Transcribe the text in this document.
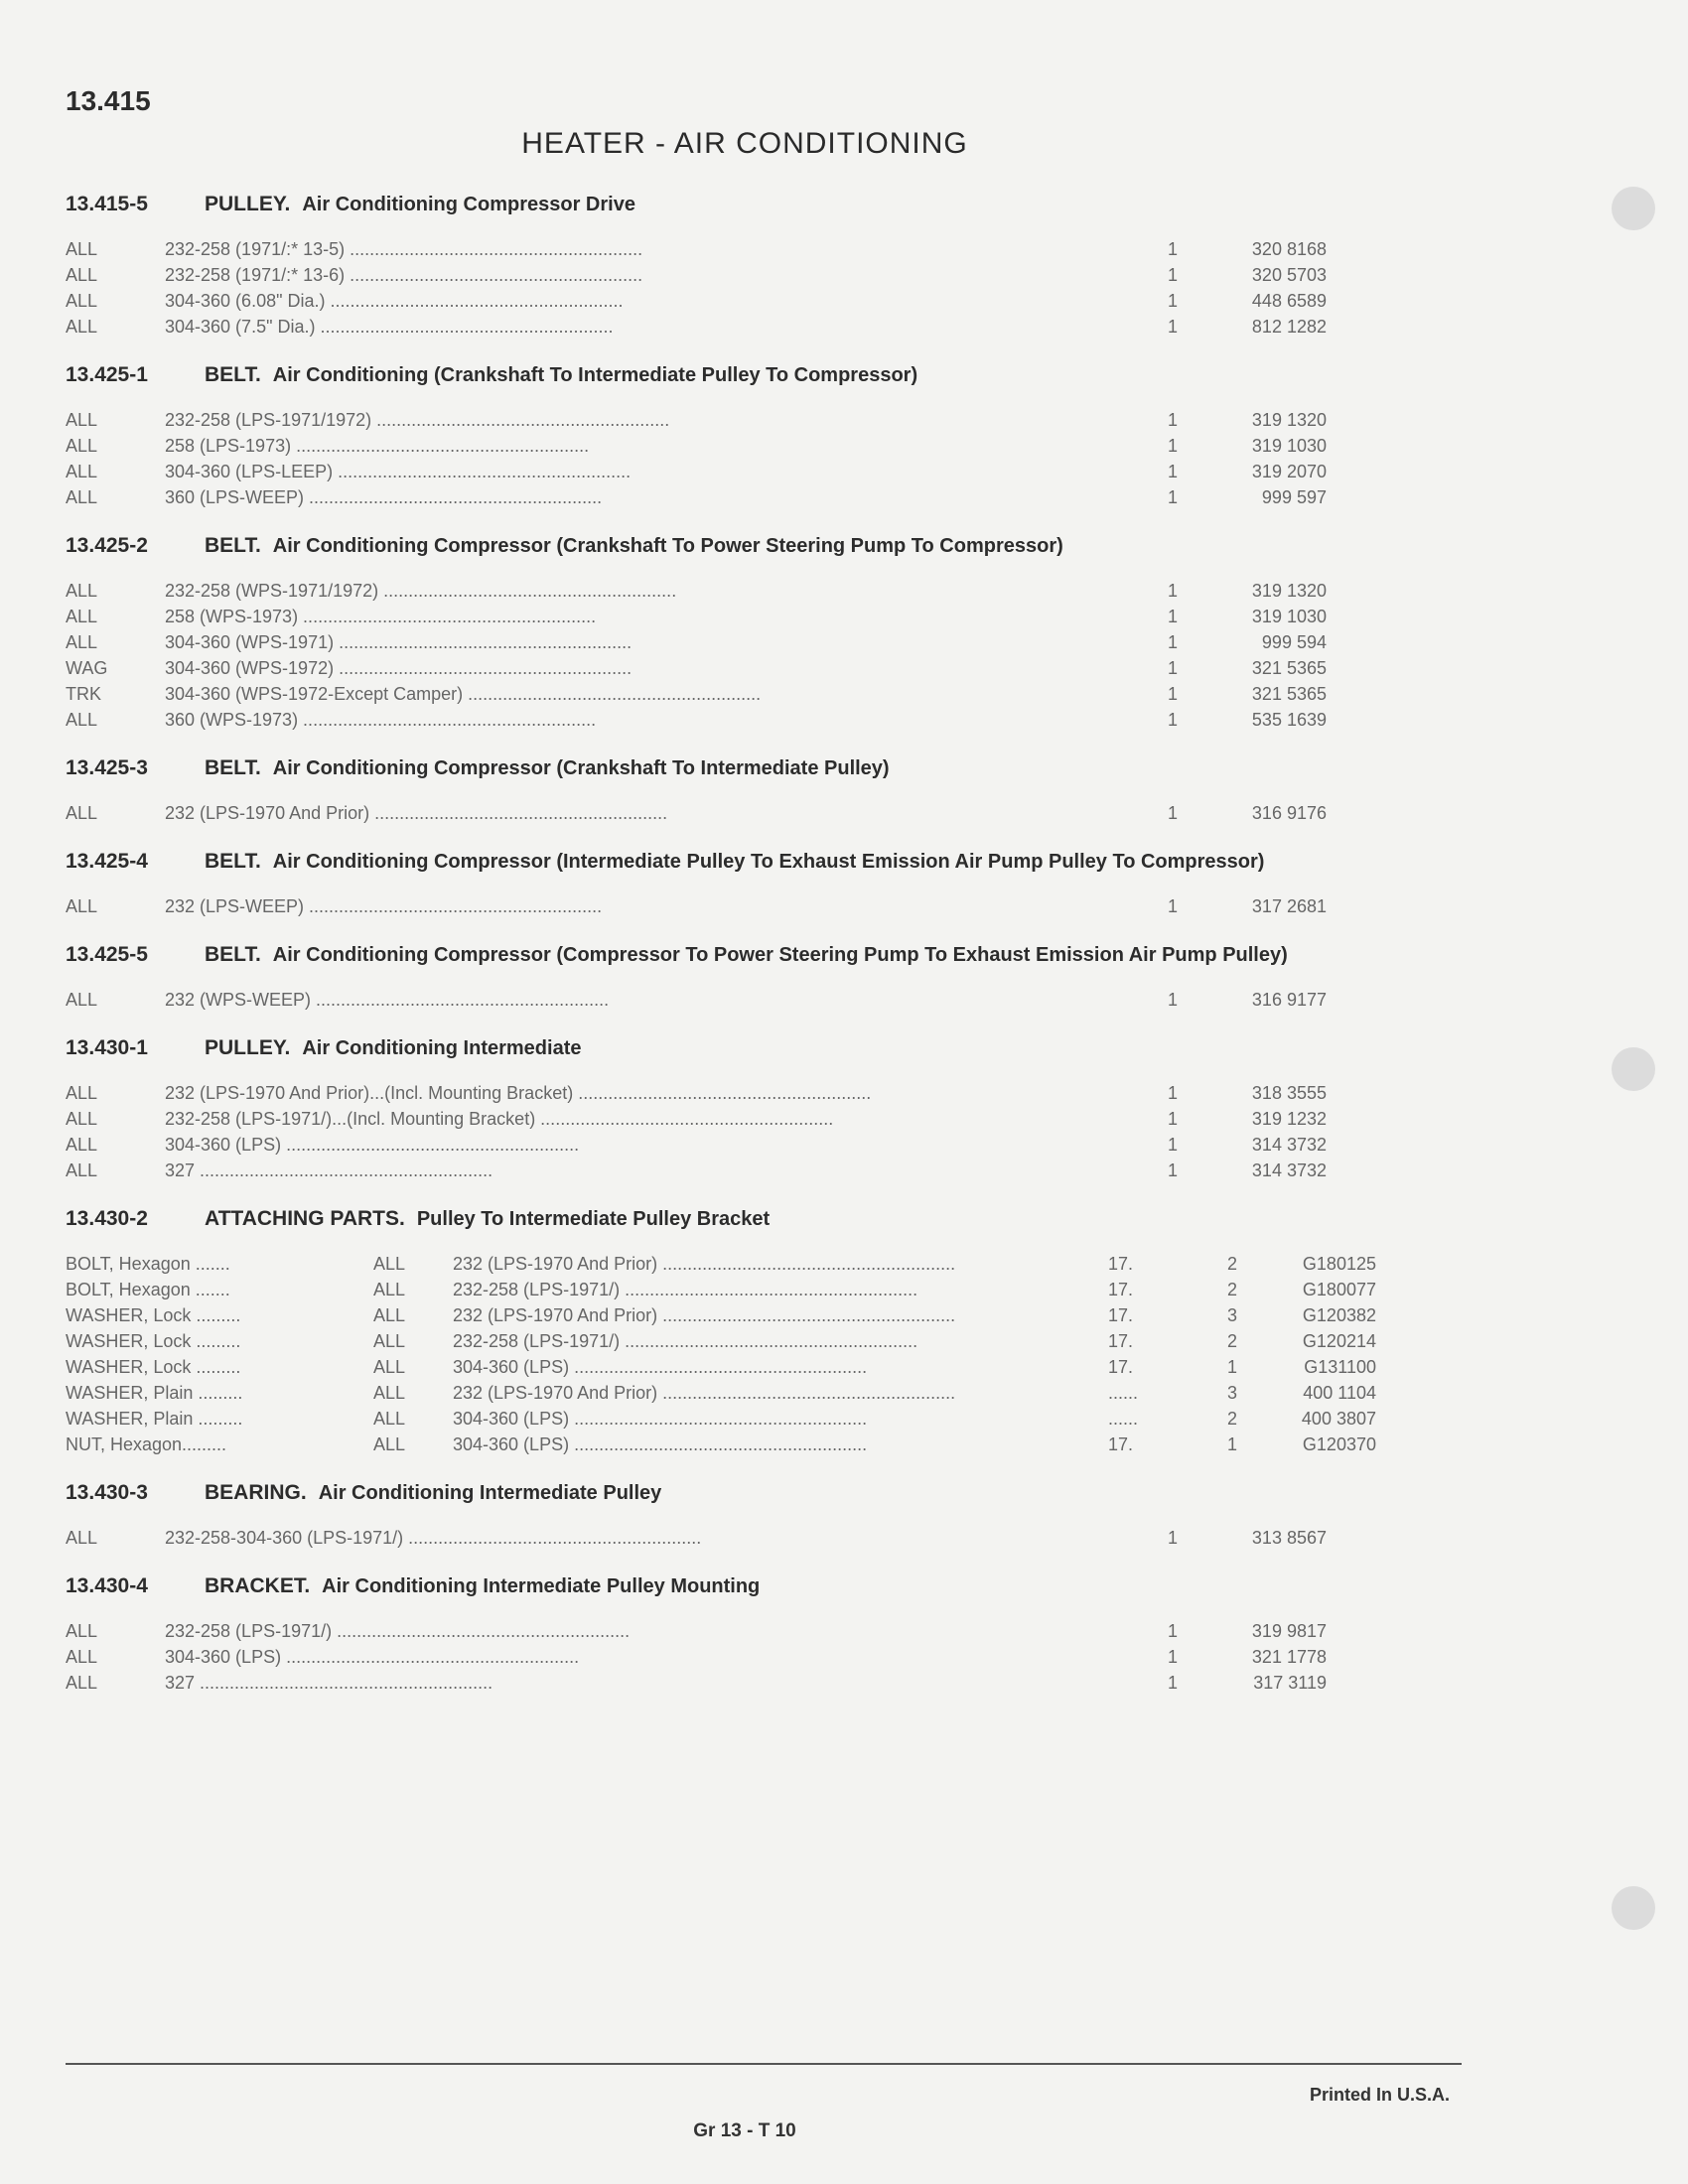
13.415
HEATER - AIR CONDITIONING
13.415-5	PULLEY. Air Conditioning Compressor Drive
ALL	232-258 (1971/:* 13-5) ...........................................................	1	320 8168
ALL	232-258 (1971/:* 13-6) ...........................................................	1	320 5703
ALL	304-360 (6.08" Dia.) ...........................................................	1	448 6589
ALL	304-360 (7.5" Dia.) ...........................................................	1	812 1282
13.425-1	BELT. Air Conditioning (Crankshaft To Intermediate Pulley To Compressor)
ALL	232-258 (LPS-1971/1972) ...........................................................	1	319 1320
ALL	258 (LPS-1973) ...........................................................	1	319 1030
ALL	304-360 (LPS-LEEP) ...........................................................	1	319 2070
ALL	360 (LPS-WEEP) ...........................................................	1	999 597
13.425-2	BELT. Air Conditioning Compressor (Crankshaft To Power Steering Pump To Compressor)
ALL	232-258 (WPS-1971/1972) ...........................................................	1	319 1320
ALL	258 (WPS-1973) ...........................................................	1	319 1030
ALL	304-360 (WPS-1971) ...........................................................	1	999 594
WAG	304-360 (WPS-1972) ...........................................................	1	321 5365
TRK	304-360 (WPS-1972-Except Camper) ...........................................................	1	321 5365
ALL	360 (WPS-1973) ...........................................................	1	535 1639
13.425-3	BELT. Air Conditioning Compressor (Crankshaft To Intermediate Pulley)
ALL	232 (LPS-1970 And Prior) ...........................................................	1	316 9176
13.425-4	BELT. Air Conditioning Compressor (Intermediate Pulley To Exhaust Emission Air Pump Pulley To Compressor)
ALL	232 (LPS-WEEP) ...........................................................	1	317 2681
13.425-5	BELT. Air Conditioning Compressor (Compressor To Power Steering Pump To Exhaust Emission Air Pump Pulley)
ALL	232 (WPS-WEEP) ...........................................................	1	316 9177
13.430-1	PULLEY. Air Conditioning Intermediate
ALL	232 (LPS-1970 And Prior)...(Incl. Mounting Bracket) ...........................................................	1	318 3555
ALL	232-258 (LPS-1971/)...(Incl. Mounting Bracket) ...........................................................	1	319 1232
ALL	304-360 (LPS) ...........................................................	1	314 3732
ALL	327 ...........................................................	1	314 3732
13.430-2	ATTACHING PARTS. Pulley To Intermediate Pulley Bracket
BOLT, Hexagon .......	ALL	232 (LPS-1970 And Prior) ...........................................................	17.	2	G180125
BOLT, Hexagon .......	ALL	232-258 (LPS-1971/) ...........................................................	17.	2	G180077
WASHER, Lock .........	ALL	232 (LPS-1970 And Prior) ...........................................................	17.	3	G120382
WASHER, Lock .........	ALL	232-258 (LPS-1971/) ...........................................................	17.	2	G120214
WASHER, Lock .........	ALL	304-360 (LPS) ...........................................................	17.	1	G131100
WASHER, Plain .........	ALL	232 (LPS-1970 And Prior) ...........................................................	......	3	400 1104
WASHER, Plain .........	ALL	304-360 (LPS) ...........................................................	......	2	400 3807
NUT, Hexagon.........	ALL	304-360 (LPS) ...........................................................	17.	1	G120370
13.430-3	BEARING. Air Conditioning Intermediate Pulley
ALL	232-258-304-360 (LPS-1971/) ...........................................................	1	313 8567
13.430-4	BRACKET. Air Conditioning Intermediate Pulley Mounting
ALL	232-258 (LPS-1971/) ...........................................................	1	319 9817
ALL	304-360 (LPS) ...........................................................	1	321 1778
ALL	327 ...........................................................	1	317 3119
Printed In U.S.A.
Gr 13 - T 10
